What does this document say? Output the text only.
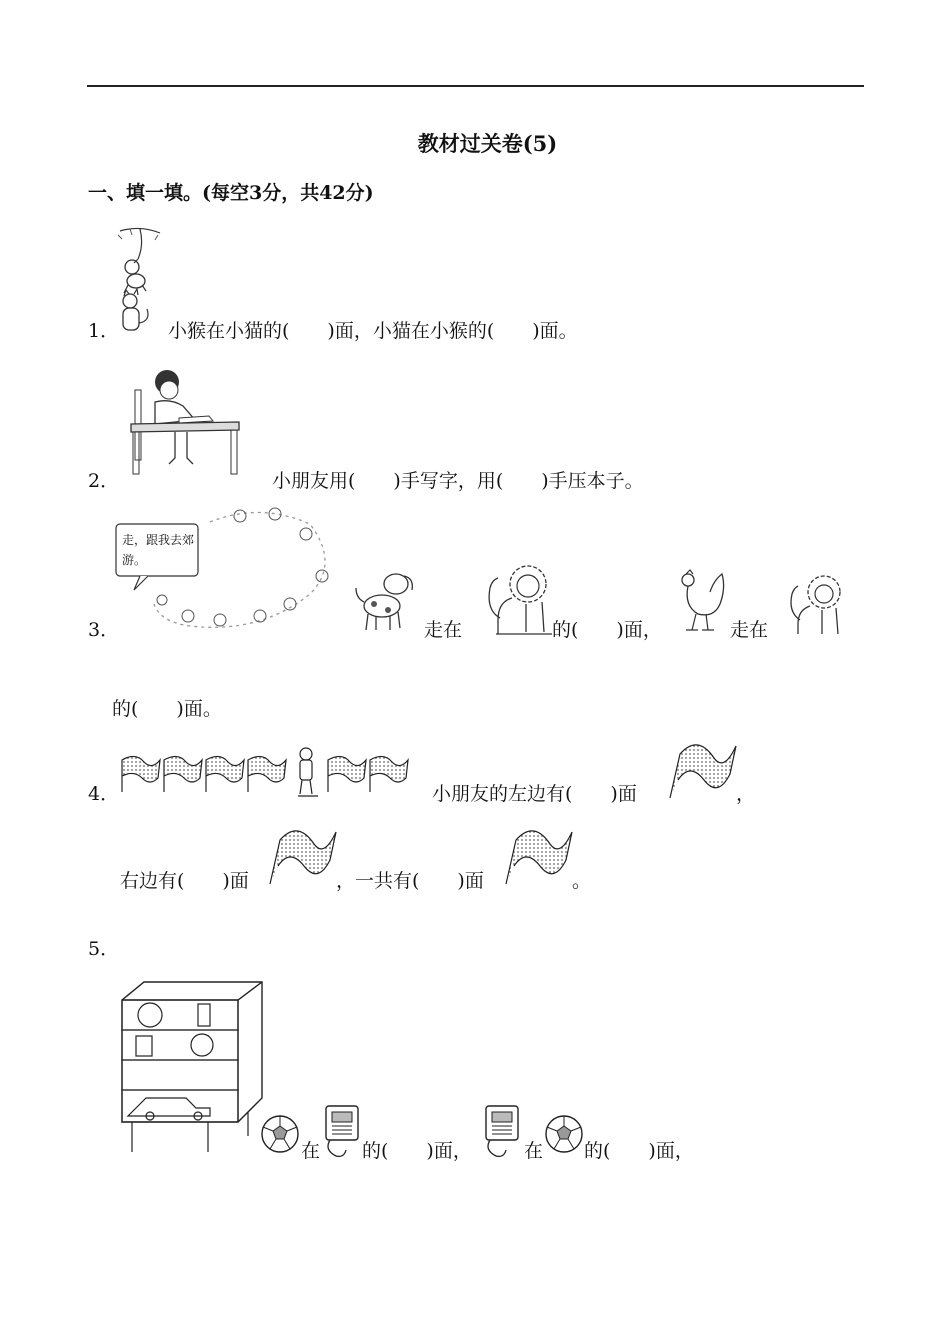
教材过关卷(5)
一、填一填。(每空3分，共42分)
1．	小猴在小猫的(　　)面，小猫在小猴的(　　)面。
2．	小朋友用(　　)手写字，用(　　)手压本子。
走，跟我去郊游。
3．	走在	的(　　)面，	走在
的(　　)面。
4．	小朋友的左边有(　　)面	，
右边有(　　)面	，一共有(　　)面	。
5．
在 的(　　)面，	在 的(　　)面，
